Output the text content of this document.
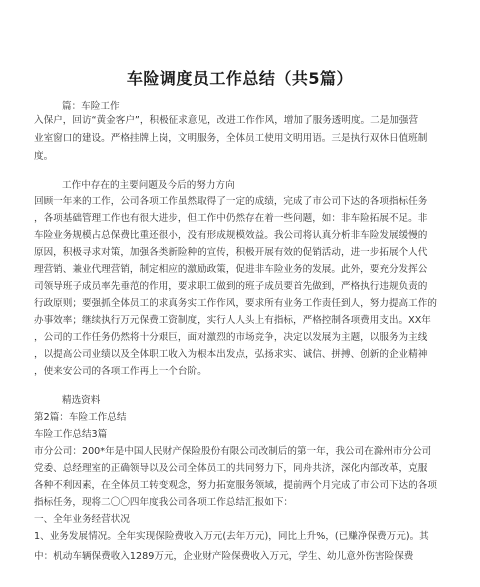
车险调度员工作总结（共5篇）
篇：车险工作
入保户，回访“黄金客户”，积极征求意见，改进工作作风，增加了服务透明度。二是加强营
业室窗口的建设。严格挂牌上岗，文明服务，全体员工使用文明用语。三是执行双休日值班制
度。
工作中存在的主要问题及今后的努力方向
回顾一年来的工作，公司各项工作虽然取得了一定的成绩，完成了市公司下达的各项指标任务
，各项基础管理工作也有很大进步，但工作中仍然存在着一些问题，如：非车险拓展不足。非
车险业务规模占总保费比重还很小，没有形成规模效益。我公司将认真分析非车险发展缓慢的
原因，积极寻求对策，加强各类新险种的宣传，积极开展有效的促销活动，进一步拓展个人代
理营销、兼业代理营销，制定相应的激励政策，促进非车险业务的发展。此外，要充分发挥公
司领导班子成员率先垂范的作用，要求职工做到的班子成员要首先做到，严格执行违规负责的
行政原则；要强抓全体员工的求真务实工作作风，要求所有业务工作责任到人，努力提高工作的
办事效率；继续执行万元保费工资制度，实行人人头上有指标，严格控制各项费用支出。XX年
，公司的工作任务仍然将十分艰巨，面对激烈的市场竞争，决定以发展为主题，以服务为主线
，以提高公司业绩以及全体职工收入为根本出发点，弘扬求实、诚信、拼搏、创新的企业精神
，使来安公司的各项工作再上一个台阶。
精选资料
第2篇：车险工作总结
车险工作总结3篇
市分公司：200*年是中国人民财产保险股份有限公司改制后的第一年，我公司在滁州市分公司
党委、总经理室的正确领导以及公司全体员工的共同努力下，同舟共济，深化内部改革，克服
各种不利因素，在全体员工转变观念，努力拓宽服务领域，提前两个月完成了市公司下达的各项
指标任务，现将二〇〇四年度我公司各项工作总结汇报如下：
一、全年业务经营状况
1、业务发展情况。全年实现保险费收入万元(去年万元)，同比上升%，(已赚净保费万元)。其
中：机动车辆保费收入1289万元，企业财产险保费收入万元，学生、幼儿意外伤害险保费
